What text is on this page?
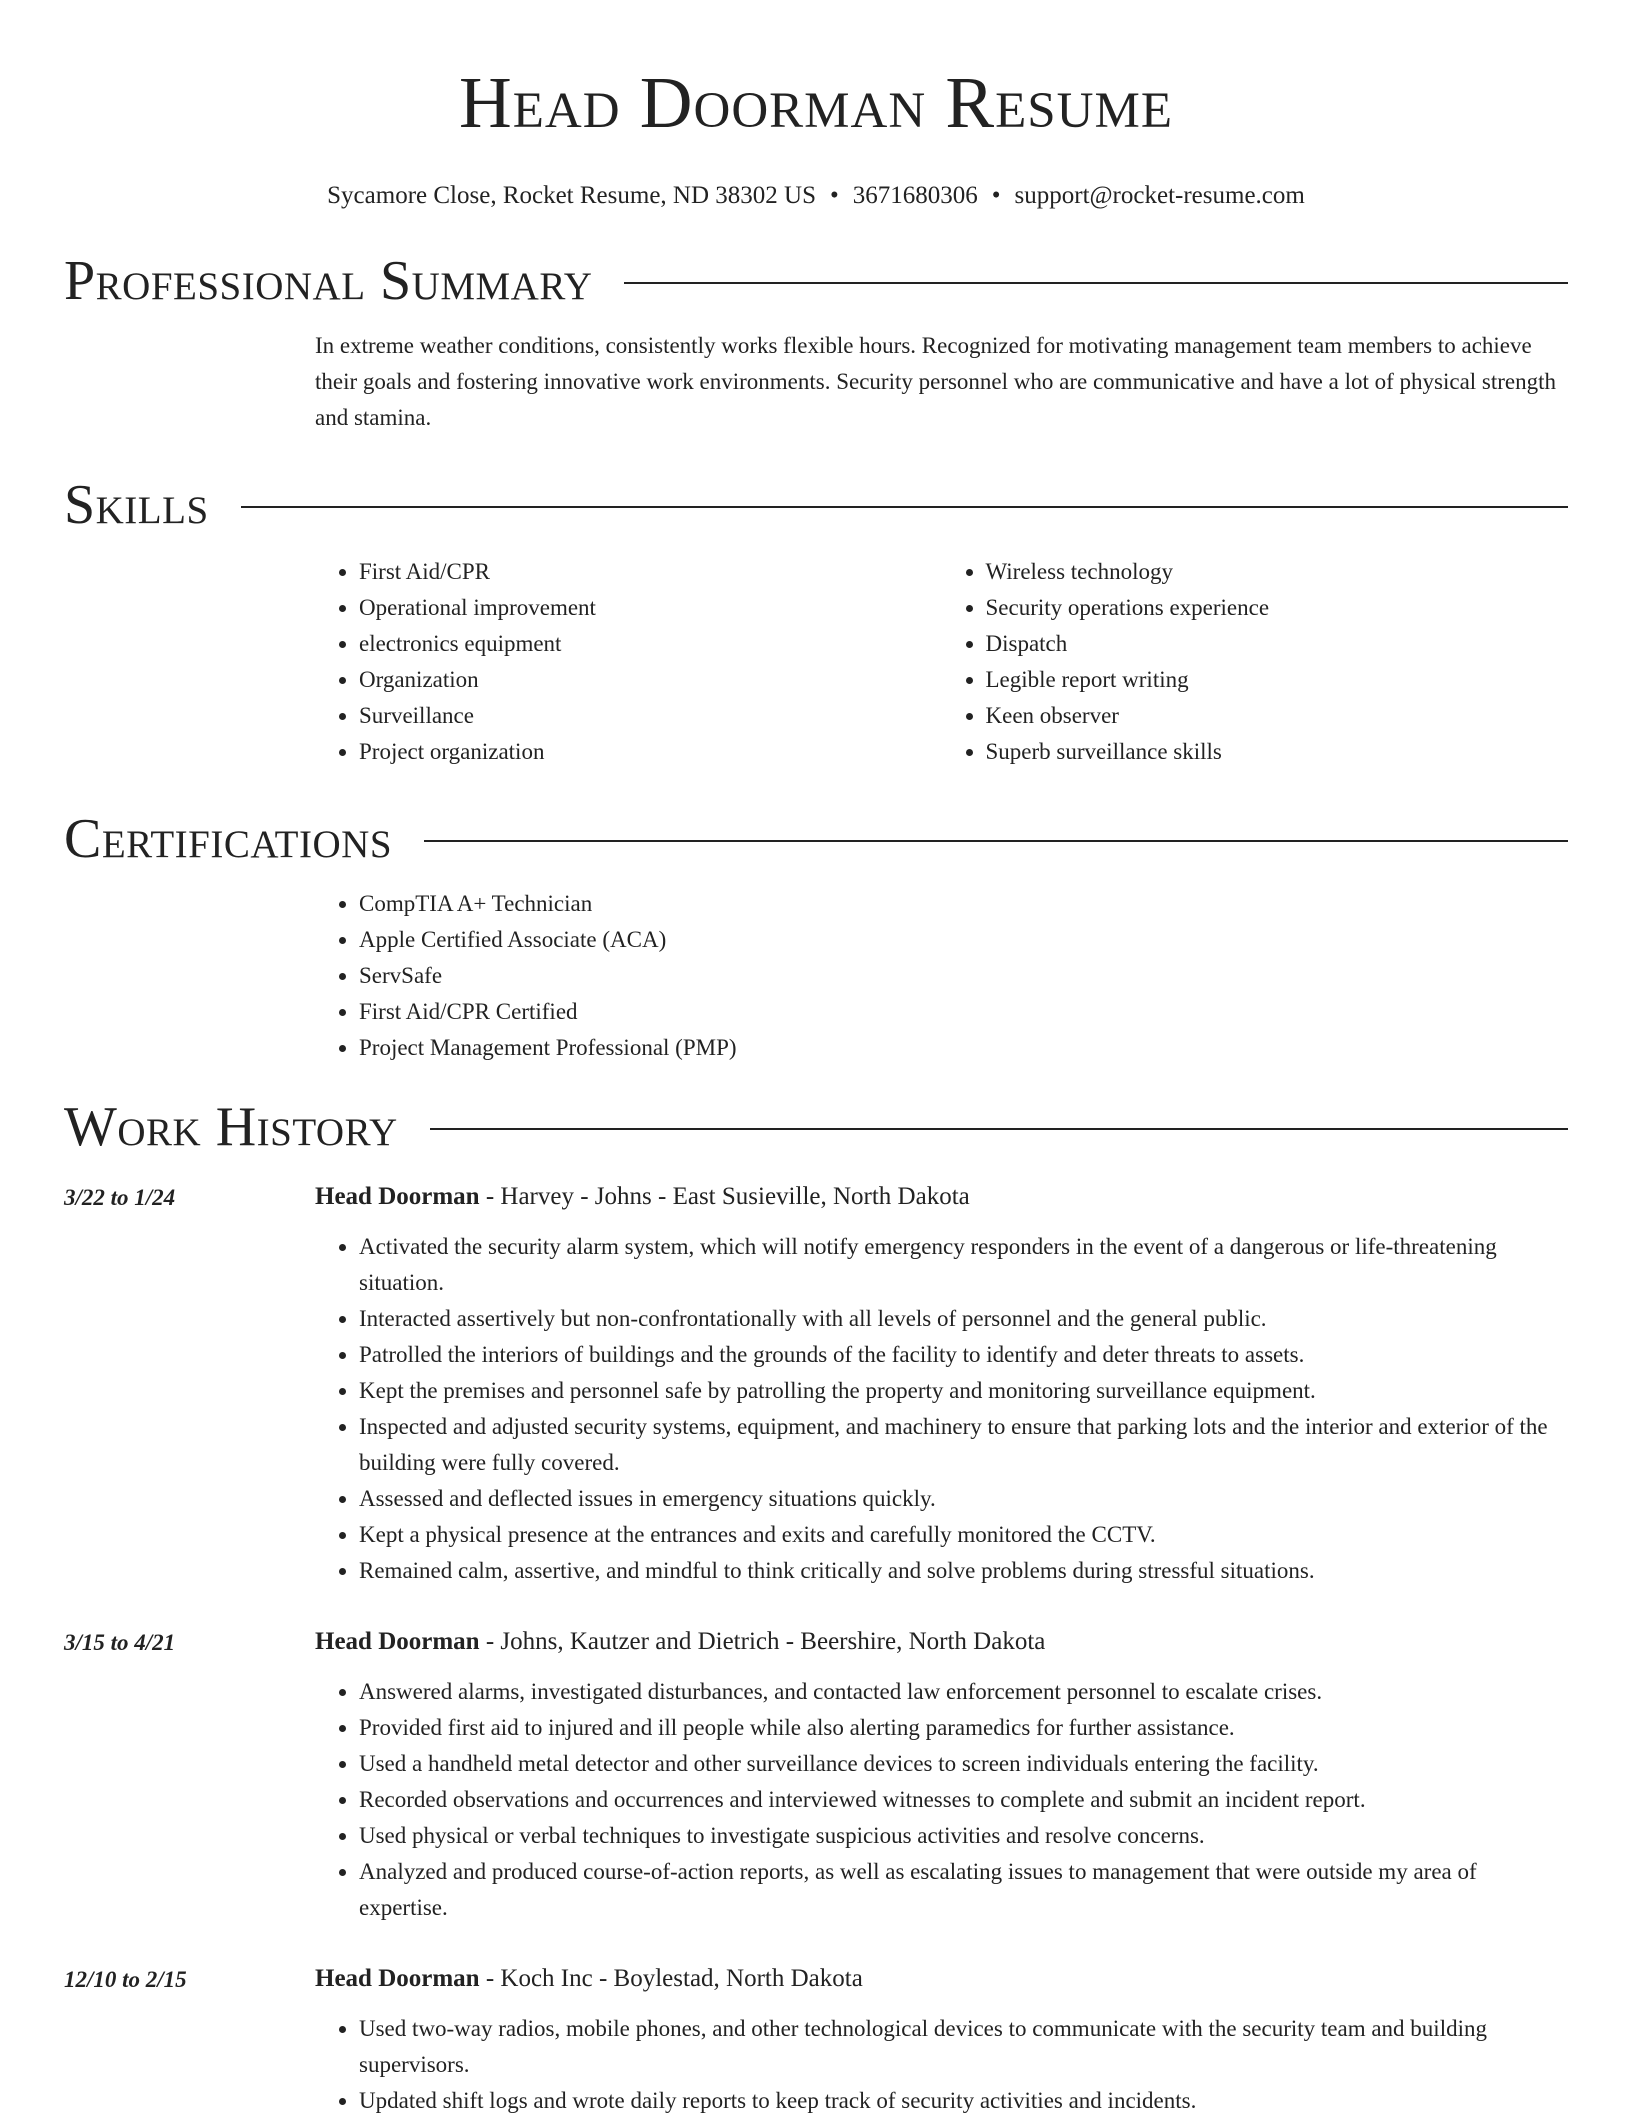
Head Doorman Resume
Sycamore Close, Rocket Resume, ND 38302 US • 3671680306 • support@rocket-resume.com
Professional Summary
In extreme weather conditions, consistently works flexible hours. Recognized for motivating management team members to achieve their goals and fostering innovative work environments. Security personnel who are communicative and have a lot of physical strength and stamina.
Skills
• First Aid/CPR
• Operational improvement
• electronics equipment
• Organization
• Surveillance
• Project organization
• Wireless technology
• Security operations experience
• Dispatch
• Legible report writing
• Keen observer
• Superb surveillance skills
Certifications
• CompTIA A+ Technician
• Apple Certified Associate (ACA)
• ServSafe
• First Aid/CPR Certified
• Project Management Professional (PMP)
Work History
3/22 to 1/24	Head Doorman - Harvey - Johns - East Susieville, North Dakota
• Activated the security alarm system, which will notify emergency responders in the event of a dangerous or life-threatening situation.
• Interacted assertively but non-confrontationally with all levels of personnel and the general public.
• Patrolled the interiors of buildings and the grounds of the facility to identify and deter threats to assets.
• Kept the premises and personnel safe by patrolling the property and monitoring surveillance equipment.
• Inspected and adjusted security systems, equipment, and machinery to ensure that parking lots and the interior and exterior of the building were fully covered.
• Assessed and deflected issues in emergency situations quickly.
• Kept a physical presence at the entrances and exits and carefully monitored the CCTV.
• Remained calm, assertive, and mindful to think critically and solve problems during stressful situations.
3/15 to 4/21	Head Doorman - Johns, Kautzer and Dietrich - Beershire, North Dakota
• Answered alarms, investigated disturbances, and contacted law enforcement personnel to escalate crises.
• Provided first aid to injured and ill people while also alerting paramedics for further assistance.
• Used a handheld metal detector and other surveillance devices to screen individuals entering the facility.
• Recorded observations and occurrences and interviewed witnesses to complete and submit an incident report.
• Used physical or verbal techniques to investigate suspicious activities and resolve concerns.
• Analyzed and produced course-of-action reports, as well as escalating issues to management that were outside my area of expertise.
12/10 to 2/15	Head Doorman - Koch Inc - Boylestad, North Dakota
• Used two-way radios, mobile phones, and other technological devices to communicate with the security team and building supervisors.
• Updated shift logs and wrote daily reports to keep track of security activities and incidents.
